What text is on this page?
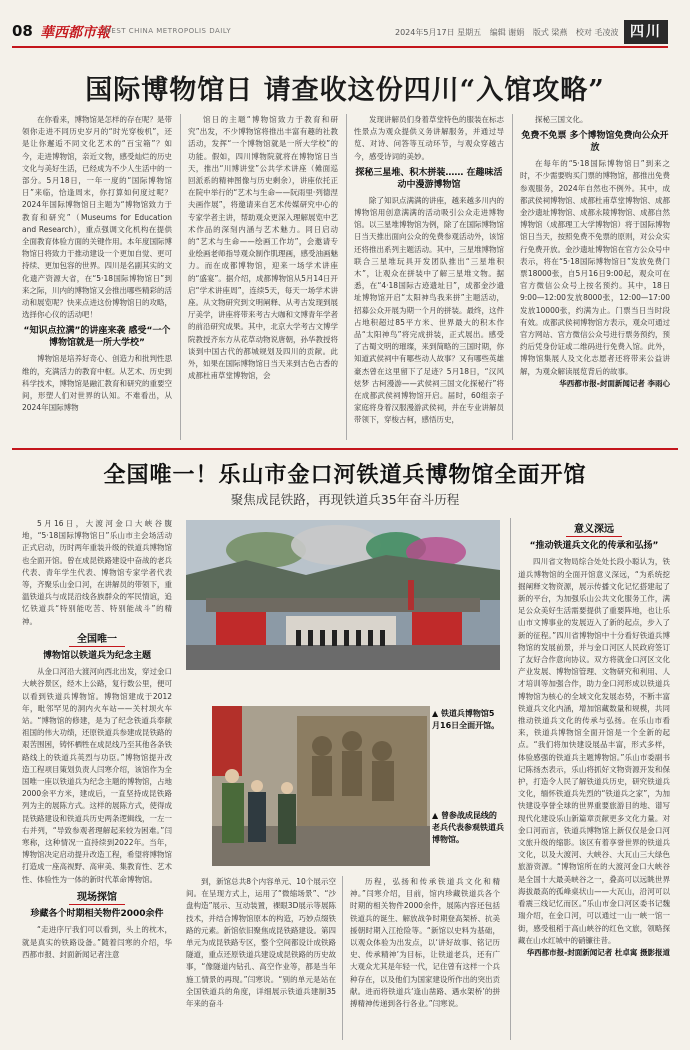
08 華西都市報
WEST CHINA METROPOLIS DAILY	2024年5月17日 星期五 编辑 谢娟 版式 梁燕 校对 毛凌波 四川
国际博物馆日 请查收这份四川“入馆攻略”

在你看来，博物馆是怎样的存在呢？是带领你走进不同历史岁月的“时光穿梭机”，还是让你邂逅不同文化艺术的“百宝箱”？如今，走进博物馆，亲近文物，感受灿烂的历史文化与美好生活，已经成为不少人生活中的一部分。5月18日，一年一度的“国际博物馆日”来临，恰逢周末，你打算如何度过呢？2024年国际博物馆日主题为“博物馆致力于教育和研究”（Museums for Education and Research），重点强调文化机构在提供全面教育体验方面的关键作用。本年度国际博物馆日将致力于推动建设一个更加自觉、更可持续、更加包容的世界。四川是名副其实的文化遗产资源大省，在“5·18国际博物馆日”到来之际，川内的博物馆又会推出哪些精彩的活动和展览呢？快来点进这份博物馆日的攻略，选择你心仪的活动吧！

“知识点拉满”的讲座来袭 感受“一个博物馆就是一所大学校”

博物馆是培养好奇心、创造力和批判性思维的，充满活力的教育中枢。从艺术、历史到科学技术，博物馆是融汇教育和研究的重要空间，形塑人们对世界的认知。不难看出，从2024年国际博物

馆日的主题“博物馆致力于教育和研究”出发，不少博物馆将推出丰富有趣的社教活动，发挥“一个博物馆就是一所大学校”的功能。假如，四川博物院就将在博物馆日当天，推出“川博讲堂”公共学术讲座（傩面巡回派系的精神图像与历史剩余），讲座依托正在院中举行的“艺术与生命——阮雨里·列德涅夫画作展”，将邀请来自艺术传媒研究中心的专家学者主讲，帮助观众更深入理解展览中艺术作品的深刻内涵与艺术魅力。同日启动的“艺术与生命——绘画工作坊”，会邀请专业绘画老师指导观众制作肌理画，感受油画魅力。而在成都博物馆，迎来一场学术讲座的“盛宴”。据介绍，成都博物馆从5月14日开启“学术讲座周”，连续5天，每天一场学术讲座。从文物研究到文明阐释、从考古发现到展厅美学，讲座将带来考古大咖和文博青年学者的前沿研究成果。其中，北京大学考古文博学院教授齐东方从花草动物说唐朝，孙华教授将谈到中国古代的都城规划及四川的贡献。此外，如果在国际博物馆日当天来到古色古香的成都杜甫草堂博物馆，会

发现讲解员们身着草堂特色的服装在标志性景点为观众提供义务讲解服务，并通过导览、对诗、问答等互动环节，与观众穿越古今，感受诗词的美妙。

探秘三星堆、积木拼装…… 在趣味活动中漫游博物馆

除了知识点满满的讲座，越来越多川内的博物馆用创意满满的活动吸引公众走进博物馆。以三星堆博物馆为例，除了在国际博物馆日当天推出面向公众的免费参观活动外，该馆还将推出系列主题活动。其中，三星堆博物馆联合三星堆玩具开发团队推出“三星堆积木”，让观众在拼装中了解三星堆文物。据悉，在“4·18国际古迹遗址日”，成都金沙遗址博物馆开启“太阳神鸟我来拼”主题活动，招募公众开展为期一个月的拼装。最终，这件占地积超过85平方米、世界最大的积木作品“太阳神鸟”将完成拼装，正式展出。感受了古蜀文明的璀璨，来到简略的三国时期，你知道武侯祠中有哪些动人故事？又有哪些英雄豪杰曾在这里留下了足迹？5月18日，“汉风炫梦 古柯漫游——武侯祠三国文化探秘行”将在成都武侯祠博物馆开启。届时，60组亲子家庭将身着汉服漫游武侯祠，并在专业讲解员带领下，穿梭古柯，感悟历史，

探秘三国文化。

免费不免票 多个博物馆免费向公众开放

在每年的“5·18国际博物馆日”到来之时，不少需要购买门票的博物馆，都推出免费参观服务，2024年自然也不例外。其中，成都武侯祠博物馆、成都杜甫草堂博物馆、成都金沙遗址博物馆、成都永陵博物馆、成都自然博物馆（成都理工大学博物馆）将于国际博物馆日当天，按照免费不免票的原则，对公众实行免费开放。金沙遗址博物馆在官方公众号中表示，将在“5·18国际博物馆日”发放免费门票18000张，自5月16日9:00起，观众可在官方微信公众号上按名预约。其中，18日9:00—12:00发放8000张，12:00—17:00发放10000张，约满为止。门票当日当时段有效。成都武侯祠博物馆方表示，观众可通过官方网站、官方微信公众号进行票务预约，预约后凭身份证或二维码进行免费入馆。此外，博物馆集展人及文化志愿者还将带来公益讲解，为观众解读展览背后的故事。

华西都市报-封面新闻记者 李雨心
全国唯一！乐山市金口河铁道兵博物馆全面开馆
聚焦成昆铁路，再现铁道兵35年奋斗历程

5月16日，大渡河金口大峡谷腹地，“5·18国际博物馆日”乐山市主会场活动正式启动，历时两年重装升级的铁道兵博物馆也全面开馆。曾在成昆铁路建设中奋战的老兵代表、青年学生代表、博物馆专家学者代表等，齐聚乐山金口河，在讲解员的带领下，重温铁道兵与成昆沿线各族群众的军民情谊，追忆铁道兵“特别能吃苦、特别能战斗”的精神。

全国唯一
博物馆以铁道兵为纪念主题

从金口河沿大渡河向西北出发，穿过金口大峡谷景区，经木上公路，复行数公里，便可以看到铁道兵博物馆。博物馆建成于2012年，毗邻罕见的洞内火车站——关村坝火车站。“博物馆的修建，是为了纪念铁道兵奉献祖国的伟大功绩，还原铁道兵参建成昆铁路的艰苦围困，铸怀栖牲在成昆线乃至其他各条铁路线上的铁道兵英烈与功臣。”博物馆提升改造工程项目策划负责人闫寒介绍，该馆作为全国唯一座以铁道兵为纪念主题的博物馆，占地2000余平方米，建成后，一直坚持成昆铁路列为主的展陈方式。这样的展陈方式，使得成昆铁路建设和铁道兵历史两条逻辑线，一左一右并列，“导致参观者理解起来较为困难。”闫寒称，这种情况一直持续到2022年。当年，博物馆决定启动提升改造工程，希望将博物馆打造成一座高视野、高审美、集教育性、艺术性、体验性为一体的新时代革命博物馆。

现场探馆
珍藏各个时期相关物件2000余件

“走进序厅我们可以看到，头上的枕木，就是真实的铁路设备。”随着闫寒的介绍，华西都市报、封面新闻记者注意

▲ 铁道兵博物馆5月16日全面开馆。
▲ 曾参战成昆线的老兵代表参观铁道兵博物馆。

到，新馆总共8个内容单元、10个展示空间。在呈现方式上，运用了“微缩场景”、“沙盘构造”展示、互动装置，裸眼3D展示等展陈技术，并结合博物馆原本的构造，巧妙点缀铁路的元素。新馆依旧聚焦成昆铁路建设。第四单元为成昆铁路专区，整个空间都设计成铁路隧道，重点还原铁道兵建设成昆铁路的历史故事，“像隧道内钻孔、高空作业等，都是当年施工情景的再现。”闫寒说。“别的单元是站在全国铁道兵的角度，详细展示铁道兵建制35年来的奋斗

历程，弘扬和传承铁道兵文化和精神。”闫寒介绍，目前，馆内珍藏铁道兵各个时期的相关物件2000余件，展陈内容还包括铁道兵的诞生、解放战争时期登高架桥、抗美援朝时期入江抢险等。“新馆以史料为基础，以观众体验为出发点，以‘讲好故事、铭记历史、传承精神’为目标，让铁道老兵，还有广大观众尤其是年轻一代，记住曾有这样一个兵种存在，以及他们为国家建设所作出的突出贡献。进而将铁道兵‘逢山凿路、遇水架桥’的拼搏精神传递到各行各业。”闫寒说。

意义深远
“推动铁道兵文化的传承和弘扬”

四川省文物局综合处处长段小聪认为，铁道兵博物馆的全面开馆意义深远，“为系统挖掘阐释文物资源，展示传播文化记忆搭建起了新的平台，为加强乐山公共文化服务工作，满足公众美好生活需要提供了重要阵地，也让乐山市文博事业的发展迈入了新的起点，步入了新的征程。”四川省博物馆中十分看好铁道兵博物馆的发展前景，并与金口河区人民政府签订了友好合作意向协议。双方将就金口河区文化产业发展、博物馆管理、文物研究和利用、人才培训等加强合作，助力金口河形成以铁道兵博物馆为核心的全域文化发展态势，不断丰富铁道兵文化内涵，增加馆藏数量和规模，共同推动铁道兵文化的传承与弘扬。在乐山市看来，铁道兵博物馆全面开馆是一个全新的起点。“我们将加快建设展品丰富，形式多样，体验感强的铁道兵主题博物馆。”乐山市委副书记陈扬杰表示，乐山将抓好文物资源开发和保护，打造令人民了解铁道兵历史，研究铁道兵文化，缅怀铁道兵先烈的“铁道兵之家”，为加快建设享誉全球的世界重要旅游目的地、谱写现代化建设乐山新篇章贡献更多文化力量。对金口河而言，铁道兵博物馆上新仅仅是金口河文旅升级的缩影。该区有着享誉世界的铁道兵文化，以及大渡河、大峡谷、大瓦山三大绿色旅游资源。“博物馆所在的大渡河金口大峡谷是全国十大最美峡谷之一，叠高可以远眺世界海拔最高的孤峰桌状山——大瓦山，沿河可以看震三线记忆而区。”乐山市金口河区委书记魏瑞介绍，在金口河，可以通过一山一峡一馆一街，感受租稻于高山峡谷的红色文旅，领略探藏在山水红城中的硝镰往昔。

华西都市报-封面新闻记者 杜卓寓 摄影报道
